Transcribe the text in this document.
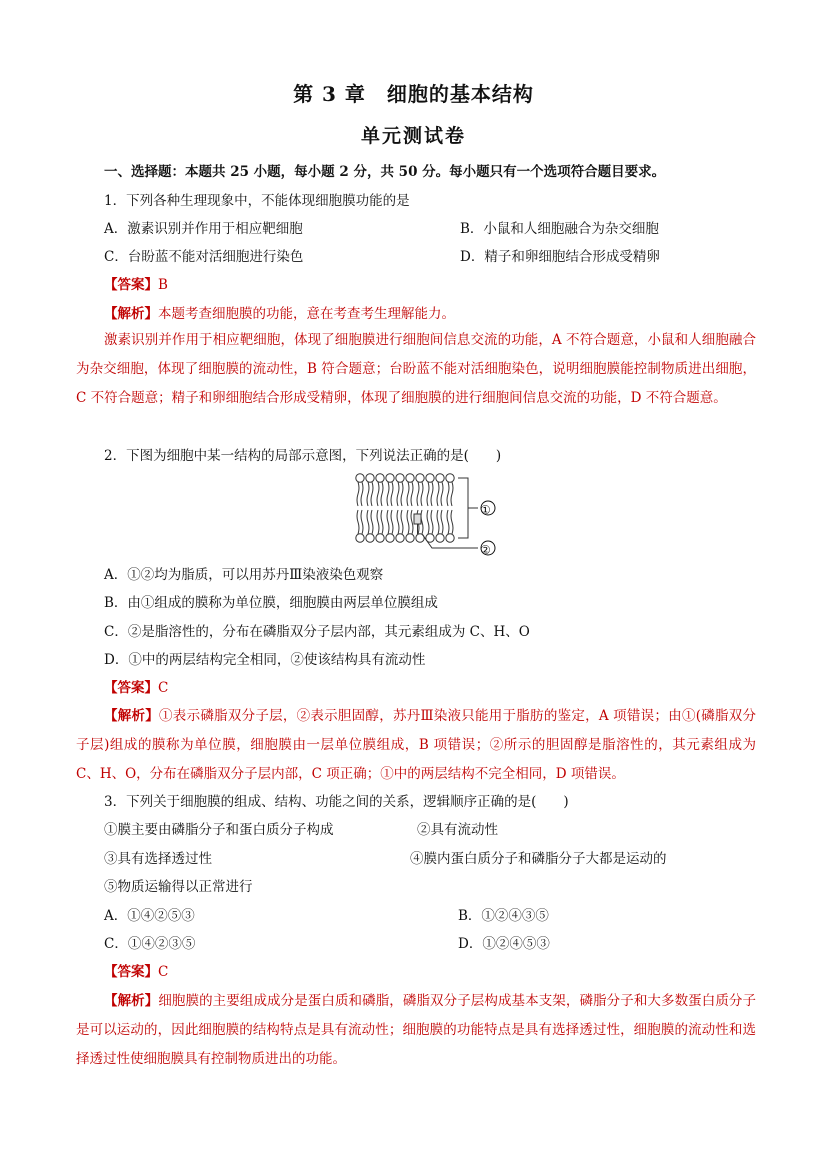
第 3 章　细胞的基本结构
单元测试卷
一、选择题：本题共 25 小题，每小题 2 分，共 50 分。每小题只有一个选项符合题目要求。
1．下列各种生理现象中，不能体现细胞膜功能的是
A．激素识别并作用于相应靶细胞	B．小鼠和人细胞融合为杂交细胞
C．台盼蓝不能对活细胞进行染色	D．精子和卵细胞结合形成受精卵
【答案】B
【解析】本题考查细胞膜的功能，意在考查考生理解能力。
激素识别并作用于相应靶细胞，体现了细胞膜进行细胞间信息交流的功能，A 不符合题意，小鼠和人细胞融合为杂交细胞，体现了细胞膜的流动性，B 符合题意；台盼蓝不能对活细胞染色，说明细胞膜能控制物质进出细胞，C 不符合题意；精子和卵细胞结合形成受精卵，体现了细胞膜的进行细胞间信息交流的功能，D 不符合题意。
2．下图为细胞中某一结构的局部示意图，下列说法正确的是(　　)
①
②
A．①②均为脂质，可以用苏丹Ⅲ染液染色观察
B．由①组成的膜称为单位膜，细胞膜由两层单位膜组成
C．②是脂溶性的，分布在磷脂双分子层内部，其元素组成为 C、H、O
D．①中的两层结构完全相同，②使该结构具有流动性
【答案】C
【解析】①表示磷脂双分子层，②表示胆固醇，苏丹Ⅲ染液只能用于脂肪的鉴定，A 项错误；由①(磷脂双分子层)组成的膜称为单位膜，细胞膜由一层单位膜组成，B 项错误；②所示的胆固醇是脂溶性的，其元素组成为 C、H、O，分布在磷脂双分子层内部，C 项正确；①中的两层结构不完全相同，D 项错误。
3．下列关于细胞膜的组成、结构、功能之间的关系，逻辑顺序正确的是(　　)
①膜主要由磷脂分子和蛋白质分子构成	②具有流动性
③具有选择透过性	④膜内蛋白质分子和磷脂分子大都是运动的
⑤物质运输得以正常进行
A．①④②⑤③	B．①②④③⑤
C．①④②③⑤	D．①②④⑤③
【答案】C
【解析】细胞膜的主要组成成分是蛋白质和磷脂，磷脂双分子层构成基本支架，磷脂分子和大多数蛋白质分子是可以运动的，因此细胞膜的结构特点是具有流动性；细胞膜的功能特点是具有选择透过性，细胞膜的流动性和选择透过性使细胞膜具有控制物质进出的功能。
